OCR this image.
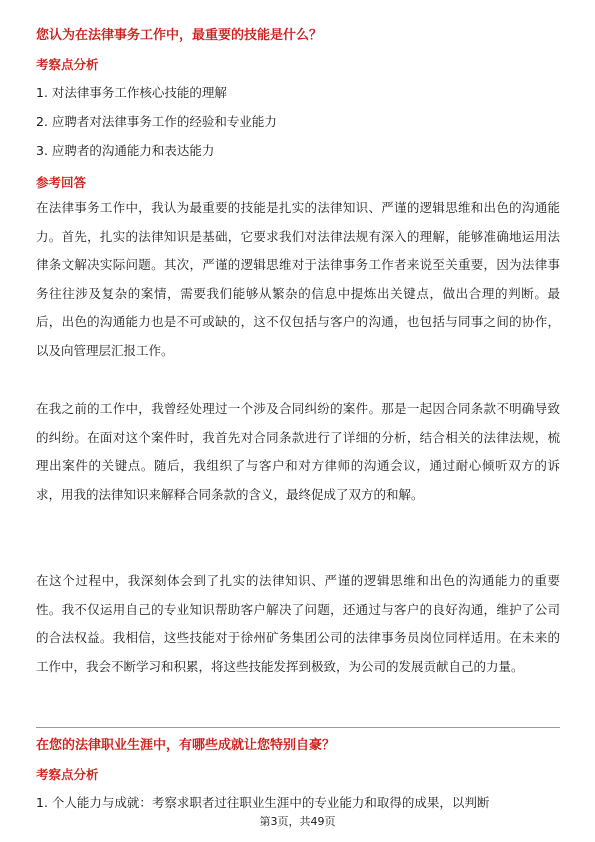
您认为在法律事务工作中，最重要的技能是什么？
考察点分析
1. 对法律事务工作核心技能的理解
2. 应聘者对法律事务工作的经验和专业能力
3. 应聘者的沟通能力和表达能力
参考回答
在法律事务工作中，我认为最重要的技能是扎实的法律知识、严谨的逻辑思维和出色的沟通能力。首先，扎实的法律知识是基础，它要求我们对法律法规有深入的理解，能够准确地运用法律条文解决实际问题。其次，严谨的逻辑思维对于法律事务工作者来说至关重要，因为法律事务往往涉及复杂的案情，需要我们能够从繁杂的信息中提炼出关键点，做出合理的判断。最后，出色的沟通能力也是不可或缺的，这不仅包括与客户的沟通，也包括与同事之间的协作，以及向管理层汇报工作。
在我之前的工作中，我曾经处理过一个涉及合同纠纷的案件。那是一起因合同条款不明确导致的纠纷。在面对这个案件时，我首先对合同条款进行了详细的分析，结合相关的法律法规，梳理出案件的关键点。随后，我组织了与客户和对方律师的沟通会议，通过耐心倾听双方的诉求，用我的法律知识来解释合同条款的含义，最终促成了双方的和解。
在这个过程中，我深刻体会到了扎实的法律知识、严谨的逻辑思维和出色的沟通能力的重要性。我不仅运用自己的专业知识帮助客户解决了问题，还通过与客户的良好沟通，维护了公司的合法权益。我相信，这些技能对于徐州矿务集团公司的法律事务员岗位同样适用。在未来的工作中，我会不断学习和积累，将这些技能发挥到极致，为公司的发展贡献自己的力量。
在您的法律职业生涯中，有哪些成就让您特别自豪？
考察点分析
1. 个人能力与成就：考察求职者过往职业生涯中的专业能力和取得的成果，以判断
第3页，共49页
